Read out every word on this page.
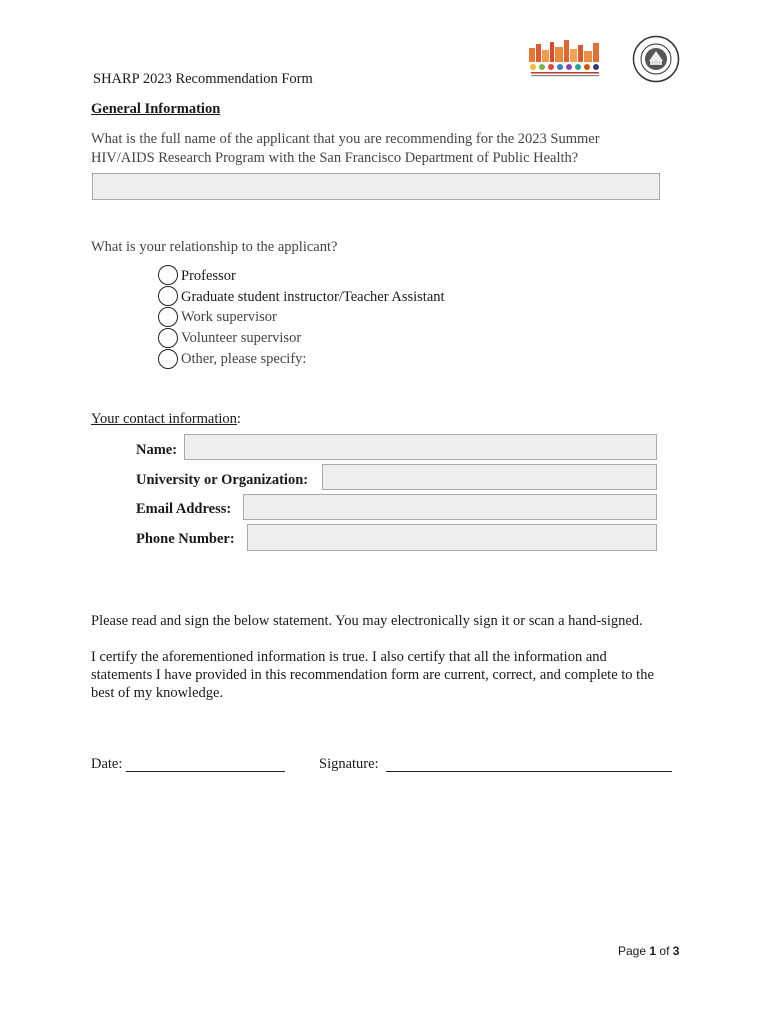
SHARP 2023 Recommendation Form
General Information
What is the full name of the applicant that you are recommending for the 2023 Summer
HIV/AIDS Research Program with the San Francisco Department of Public Health?
What is your relationship to the applicant?
Professor
Graduate student instructor/Teacher Assistant
Work supervisor
Volunteer supervisor
Other, please specify:
Your contact information:
Name:
University or Organization:
Email Address:
Phone Number:
Please read and sign the below statement. You may electronically sign it or scan a hand-signed.
I certify the aforementioned information is true. I also certify that all the information and
statements I have provided in this recommendation form are current, correct, and complete to the
best of my knowledge.
Date:	Signature:
Page 1 of 3
